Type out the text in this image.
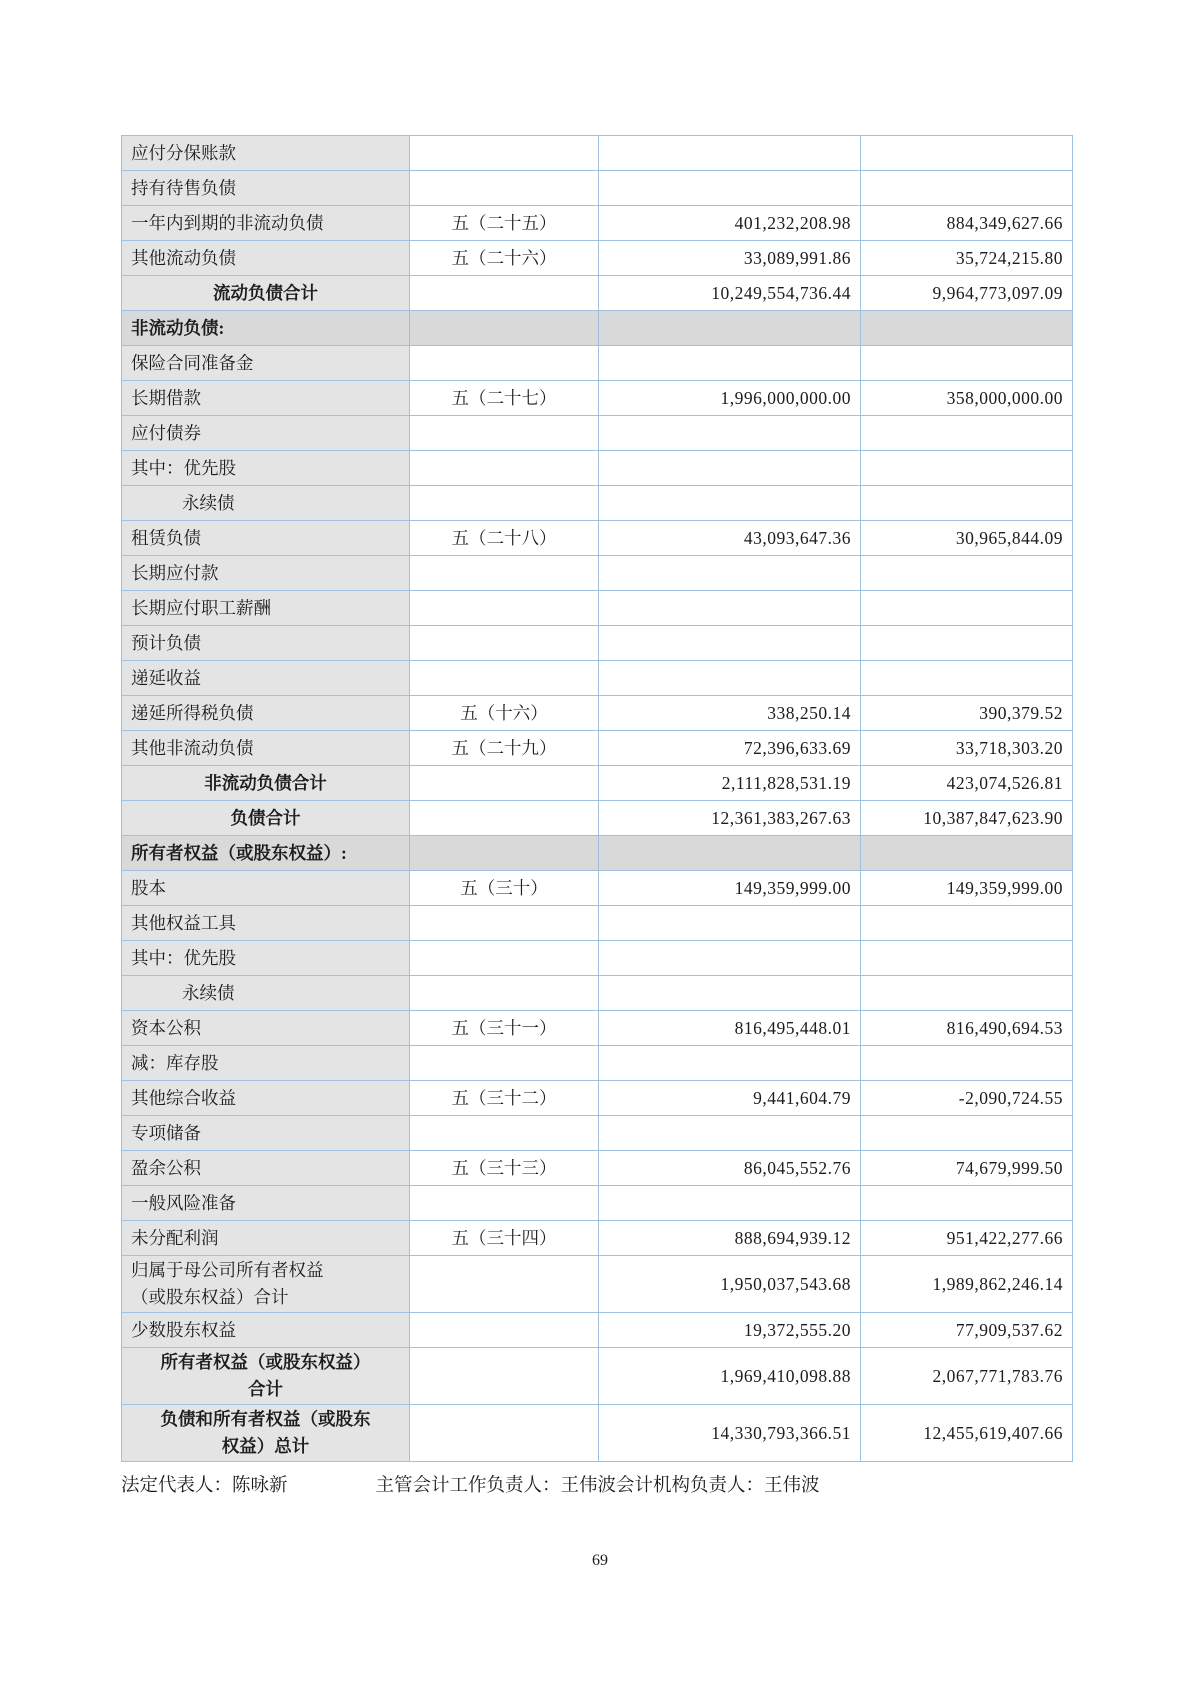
应付分保账款			
持有待售负债			
一年内到期的非流动负债	五（二十五）	401,232,208.98	884,349,627.66
其他流动负债	五（二十六）	33,089,991.86	35,724,215.80
流动负债合计		10,249,554,736.44	9,964,773,097.09
非流动负债:			
保险合同准备金			
长期借款	五（二十七）	1,996,000,000.00	358,000,000.00
应付债券			
其中：优先股			
永续债			
租赁负债	五（二十八）	43,093,647.36	30,965,844.09
长期应付款			
长期应付职工薪酬			
预计负债			
递延收益			
递延所得税负债	五（十六）	338,250.14	390,379.52
其他非流动负债	五（二十九）	72,396,633.69	33,718,303.20
非流动负债合计		2,111,828,531.19	423,074,526.81
负债合计		12,361,383,267.63	10,387,847,623.90
所有者权益（或股东权益）:			
股本	五（三十）	149,359,999.00	149,359,999.00
其他权益工具			
其中：优先股			
永续债			
资本公积	五（三十一）	816,495,448.01	816,490,694.53
减：库存股			
其他综合收益	五（三十二）	9,441,604.79	-2,090,724.55
专项储备			
盈余公积	五（三十三）	86,045,552.76	74,679,999.50
一般风险准备			
未分配利润	五（三十四）	888,694,939.12	951,422,277.66
归属于母公司所有者权益
（或股东权益）合计		1,950,037,543.68	1,989,862,246.14
少数股东权益		19,372,555.20	77,909,537.62
所有者权益（或股东权益）
合计		1,969,410,098.88	2,067,771,783.76
负债和所有者权益（或股东
权益）总计		14,330,793,366.51	12,455,619,407.66
法定代表人：陈咏新	主管会计工作负责人：王伟波会计机构负责人：王伟波
69
